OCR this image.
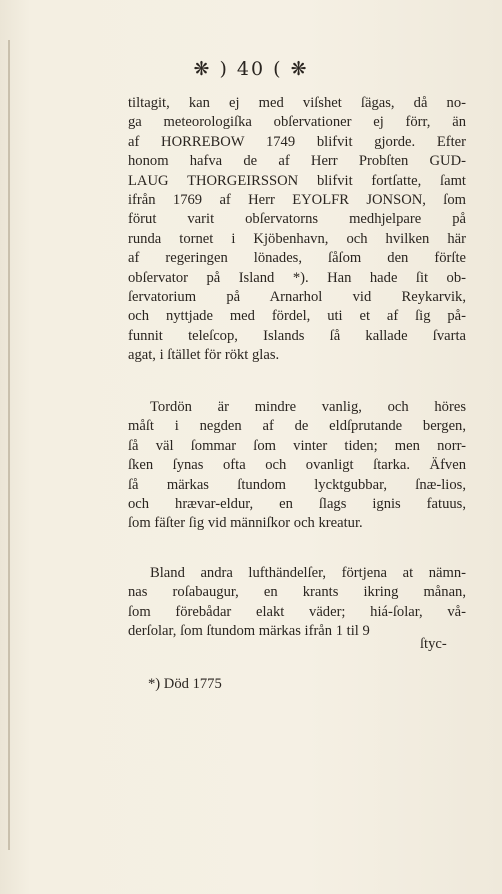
❋ ) 40 ( ❋
tiltagit, kan ej med viſshet ſägas, då no-
ga meteorologiſka obſervationer ej förr, än
af HORREBOW 1749 blifvit gjorde. Efter
honom hafva de af Herr Probſten GUD-
LAUG THORGEIRSSON blifvit fortſatte, ſamt
ifrån 1769 af Herr EYOLFR JONSON, ſom
förut varit obſervatorns medhjelpare på
runda tornet i Kjöbenhavn, och hvilken här
af regeringen lönades, ſåſom den förſte
obſervator på Island *). Han hade ſit ob-
ſervatorium på Arnarhol vid Reykarvik,
och nyttjade med fördel, uti et af ſig på-
funnit teleſcop, Islands ſå kallade ſvarta
agat, i ſtället för rökt glas.
Tordön är mindre vanlig, och höres
måſt i negden af de eldſprutande bergen,
ſå väl ſommar ſom vinter tiden; men norr-
ſken ſynas ofta och ovanligt ſtarka. Äfven
ſå märkas ſtundom lycktgubbar, ſnæ-lios,
och hrævar-eldur, en ſlags ignis fatuus,
ſom fäſter ſig vid männiſkor och kreatur.
Bland andra lufthändelſer, förtjena at nämn-
nas roſabaugur, en krants ikring månan,
ſom förebådar elakt väder; hiá-ſolar, vå-
derſolar, ſom ſtundom märkas ifrån 1 til 9
ſtyc-
*) Död 1775
